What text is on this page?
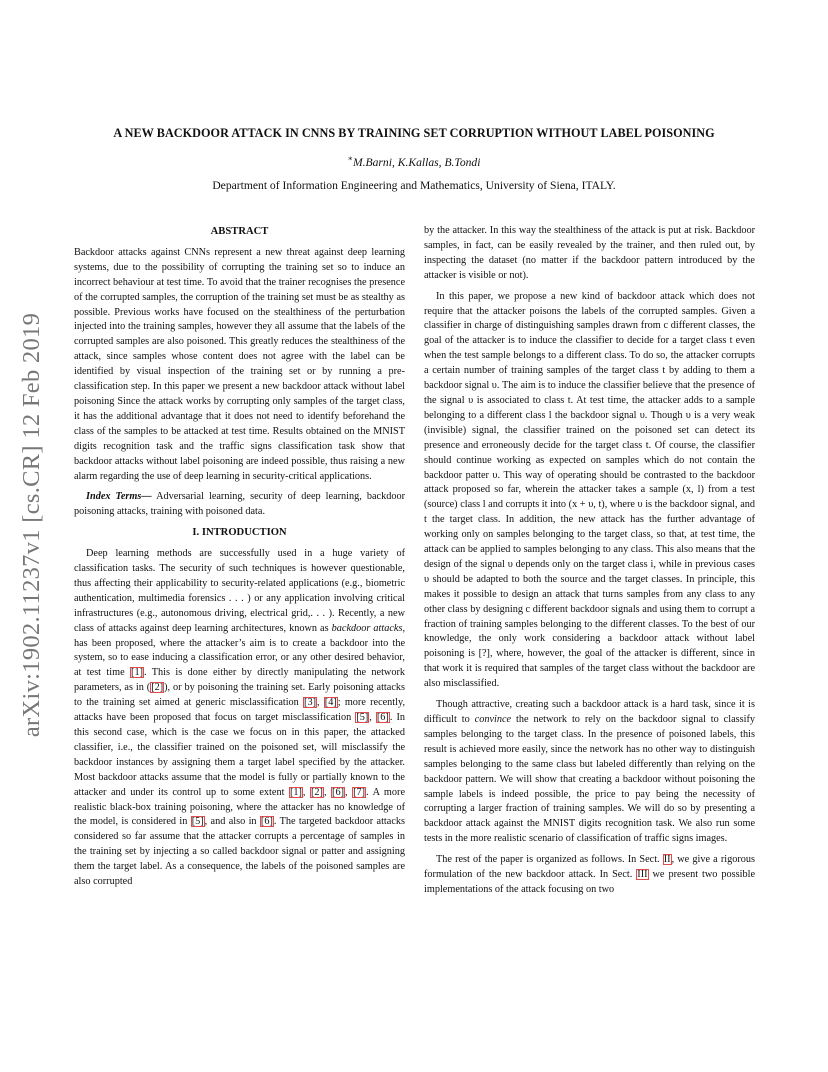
arXiv:1902.11237v1 [cs.CR] 12 Feb 2019
A NEW BACKDOOR ATTACK IN CNNS BY TRAINING SET CORRUPTION WITHOUT LABEL POISONING
∗M.Barni, K.Kallas, B.Tondi
Department of Information Engineering and Mathematics, University of Siena, ITALY.
ABSTRACT

Backdoor attacks against CNNs represent a new threat against deep learning systems, due to the possibility of corrupting the training set so to induce an incorrect behaviour at test time. To avoid that the trainer recognises the presence of the corrupted samples, the corruption of the training set must be as stealthy as possible. Previous works have focused on the stealthiness of the perturbation injected into the training samples, however they all assume that the labels of the corrupted samples are also poisoned. This greatly reduces the stealthiness of the attack, since samples whose content does not agree with the label can be identified by visual inspection of the training set or by running a pre-classification step. In this paper we present a new backdoor attack without label poisoning Since the attack works by corrupting only samples of the target class, it has the additional advantage that it does not need to identify beforehand the class of the samples to be attacked at test time. Results obtained on the MNIST digits recognition task and the traffic signs classification task show that backdoor attacks without label poisoning are indeed possible, thus raising a new alarm regarding the use of deep learning in security-critical applications.

Index Terms— Adversarial learning, security of deep learning, backdoor poisoning attacks, training with poisoned data.

I. INTRODUCTION

Deep learning methods are successfully used in a huge variety of classification tasks. The security of such techniques is however questionable, thus affecting their applicability to security-related applications (e.g., biometric authentication, multimedia forensics . . . ) or any application involving critical infrastructures (e.g., autonomous driving, electrical grid,. . . ). Recently, a new class of attacks against deep learning architectures, known as backdoor attacks, has been proposed, where the attacker’s aim is to create a backdoor into the system, so to ease inducing a classification error, or any other desired behavior, at test time [1]. This is done either by directly manipulating the network parameters, as in ([2]), or by poisoning the training set. Early poisoning attacks to the training set aimed at generic misclassification [3], [4]; more recently, attacks have been proposed that focus on target misclassification [5], [6]. In this second case, which is the case we focus on in this paper, the attacked classifier, i.e., the classifier trained on the poisoned set, will misclassify the backdoor instances by assigning them a target label specified by the attacker. Most backdoor attacks assume that the model is fully or partially known to the attacker and under its control up to some extent [1], [2], [6], [7]. A more realistic black-box training poisoning, where the attacker has no knowledge of the model, is considered in [5], and also in [6]. The targeted backdoor attacks considered so far assume that the attacker corrupts a percentage of samples in the training set by injecting a so called backdoor signal or patter and assigning them the target label. As a consequence, the labels of the poisoned samples are also corrupted

by the attacker. In this way the stealthiness of the attack is put at risk. Backdoor samples, in fact, can be easily revealed by the trainer, and then ruled out, by inspecting the dataset (no matter if the backdoor pattern introduced by the attacker is visible or not).

In this paper, we propose a new kind of backdoor attack which does not require that the attacker poisons the labels of the corrupted samples. Given a classifier in charge of distinguishing samples drawn from c different classes, the goal of the attacker is to induce the classifier to decide for a target class t even when the test sample belongs to a different class. To do so, the attacker corrupts a certain number of training samples of the target class t by adding to them a backdoor signal υ. The aim is to induce the classifier believe that the presence of the signal υ is associated to class t. At test time, the attacker adds to a sample belonging to a different class l the backdoor signal υ. Though υ is a very weak (invisible) signal, the classifier trained on the poisoned set can detect its presence and erroneously decide for the target class t. Of course, the classifier should continue working as expected on samples which do not contain the backdoor patter υ. This way of operating should be contrasted to the backdoor attack proposed so far, wherein the attacker takes a sample (x, l) from a test (source) class l and corrupts it into (x + υ, t), where υ is the backdoor signal, and t the target class. In addition, the new attack has the further advantage of working only on samples belonging to the target class, so that, at test time, the attack can be applied to samples belonging to any class. This also means that the design of the signal υ depends only on the target class i, while in previous cases υ should be adapted to both the source and the target classes. In principle, this makes it possible to design an attack that turns samples from any class to any other class by designing c different backdoor signals and using them to corrupt a fraction of training samples belonging to the different classes. To the best of our knowledge, the only work considering a backdoor attack without label poisoning is [?], where, however, the goal of the attacker is different, since in that work it is required that samples of the target class without the backdoor are also misclassified.

Though attractive, creating such a backdoor attack is a hard task, since it is difficult to convince the network to rely on the backdoor signal to classify samples belonging to the target class. In the presence of poisoned labels, this result is achieved more easily, since the network has no other way to distinguish samples belonging to the same class but labeled differently than relying on the backdoor pattern. We will show that creating a backdoor without poisoning the sample labels is indeed possible, the price to pay being the necessity of corrupting a larger fraction of training samples. We will do so by presenting a backdoor attack against the MNIST digits recognition task. We also run some tests in the more realistic scenario of classification of traffic signs images.

The rest of the paper is organized as follows. In Sect. II, we give a rigorous formulation of the new backdoor attack. In Sect. III we present two possible implementations of the attack focusing on two
